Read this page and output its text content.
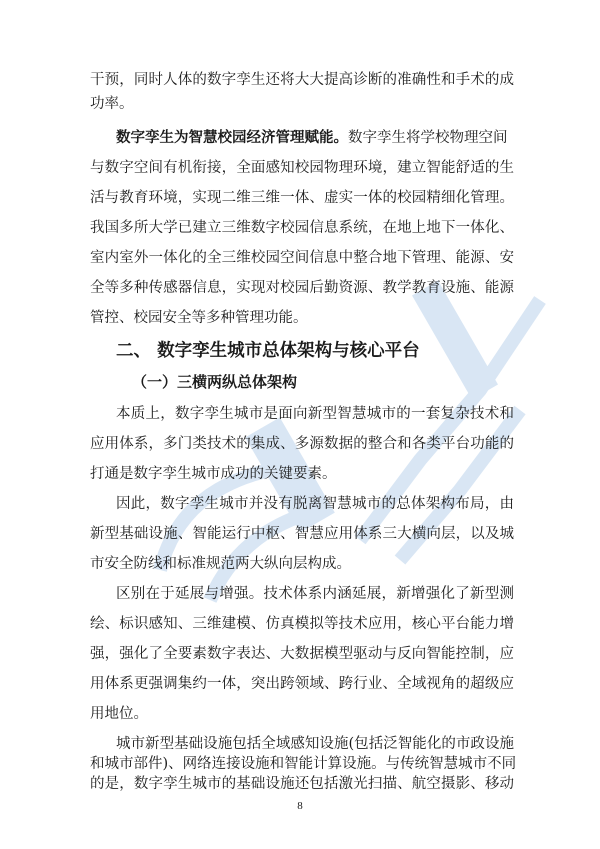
8
干预，同时人体的数字孪生还将大大提高诊断的准确性和手术的成
功率。
数字孪生为智慧校园经济管理赋能。数字孪生将学校物理空间
与数字空间有机衔接，全面感知校园物理环境，建立智能舒适的生
活与教育环境，实现二维三维一体、虚实一体的校园精细化管理。
我国多所大学已建立三维数字校园信息系统，在地上地下一体化、
室内室外一体化的全三维校园空间信息中整合地下管理、能源、安
全等多种传感器信息，实现对校园后勤资源、教学教育设施、能源
管控、校园安全等多种管理功能。
二、 数字孪生城市总体架构与核心平台
（一）三横两纵总体架构
本质上，数字孪生城市是面向新型智慧城市的一套复杂技术和
应用体系，多门类技术的集成、多源数据的整合和各类平台功能的
打通是数字孪生城市成功的关键要素。
因此，数字孪生城市并没有脱离智慧城市的总体架构布局，由
新型基础设施、智能运行中枢、智慧应用体系三大横向层，以及城
市安全防线和标准规范两大纵向层构成。
区别在于延展与增强。技术体系内涵延展，新增强化了新型测
绘、标识感知、三维建模、仿真模拟等技术应用，核心平台能力增
强，强化了全要素数字表达、大数据模型驱动与反向智能控制，应
用体系更强调集约一体，突出跨领域、跨行业、全域视角的超级应
用地位。
城市新型基础设施包括全域感知设施(包括泛智能化的市政设施
和城市部件)、网络连接设施和智能计算设施。与传统智慧城市不同
的是，数字孪生城市的基础设施还包括激光扫描、航空摄影、移动
